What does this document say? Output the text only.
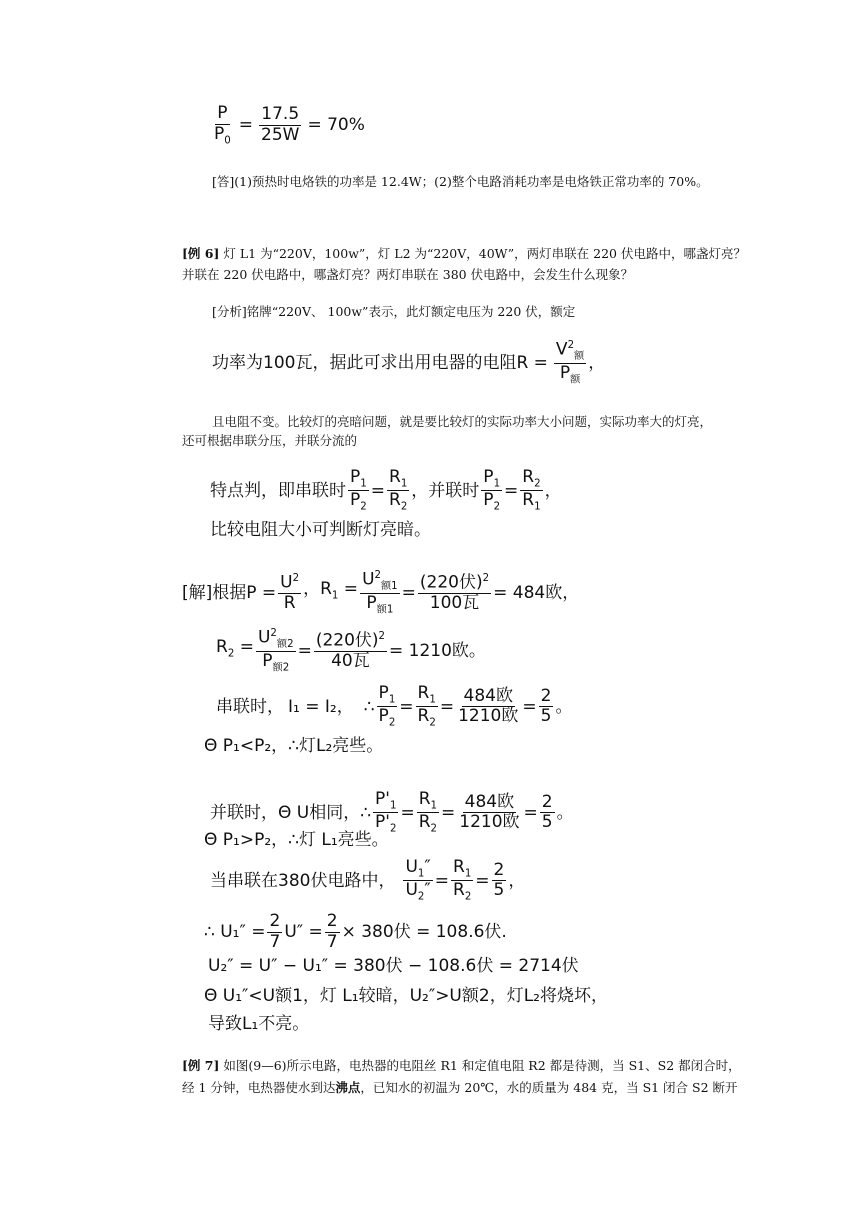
$\frac{P}{P_0} = \frac{17.5}{25W} = 70\%$
[答](1)预热时电烙铁的功率是 12.4W；(2)整个电路消耗功率是电烙铁正常功率的 70%。
[例 6] 灯 L1 为“220V，100w”，灯 L2 为“220V，40W”，两灯串联在 220 伏电路中，哪盏灯亮？
并联在 220 伏电路中，哪盏灯亮？两灯串联在 380 伏电路中，会发生什么现象？
[分析]铭牌“220V、 100w”表示，此灯额定电压为 220 伏，额定
功率为100瓦，据此可求出用电器的电阻$R = \frac{V^2_额}{P_额}$ ，
且电阻不变。比较灯的亮暗问题，就是要比较灯的实际功率大小问题，实际功率大的灯亮，
还可根据串联分压，并联分流的
特点判，即串联时 $\frac{P_1}{P_2} = \frac{R_1}{R_2}$ ，并联时 $\frac{P_1}{P_2} = \frac{R_2}{R_1}$ ，
比较电阻大小可判断灯亮暗。
[解]根据$P = \frac{U^2}{R}$ ，$R_1 = \frac{U^2_{额1}}{P_{额1}} = \frac{(220伏)^2}{\text{100瓦}} = 484$欧，
$R_2 = \frac{U^2_{额2}}{P_{额2}} = \frac{(220伏)^2}{\text{40瓦}} = 1210$欧。
串联时， I₁ = I₂， ∴ $\frac{P_1}{P_2} = \frac{R_1}{R_2} = \frac{\text{484欧}}{\text{1210欧}} = \frac{2}{5}$ 。
Θ P₁<P₂，∴灯L₂亮些。
并联时，Θ U相同，∴ $\frac{P'_1}{P'_2} = \frac{R_1}{R_2} = \frac{\text{484欧}}{\text{1210欧}} = \frac{2}{5}$ 。
Θ P₁>P₂，∴灯 L₁亮些。
当串联在380伏电路中， $\frac{U_1''}{U_2''} = \frac{R_1}{R_2} = \frac{2}{5}$ ，
∴ $U_1'' = \frac{2}{7} U'' = \frac{2}{7} \times 380$伏 = 108.6伏.
U₂″ = U″ − U₁″ = 380伏 − 108.6伏 = 2714伏
Θ U₁″<U额1，灯 L₁较暗，U₂″>U额2，灯L₂将烧坏，
导致L₁不亮。
[例 7] 如图(9—6)所示电路，电热器的电阻丝 R1 和定值电阻 R2 都是待测，当 S1、S2 都闭合时，
经 1 分钟，电热器使水到达沸点，已知水的初温为 20℃，水的质量为 484 克，当 S1 闭合 S2 断开
